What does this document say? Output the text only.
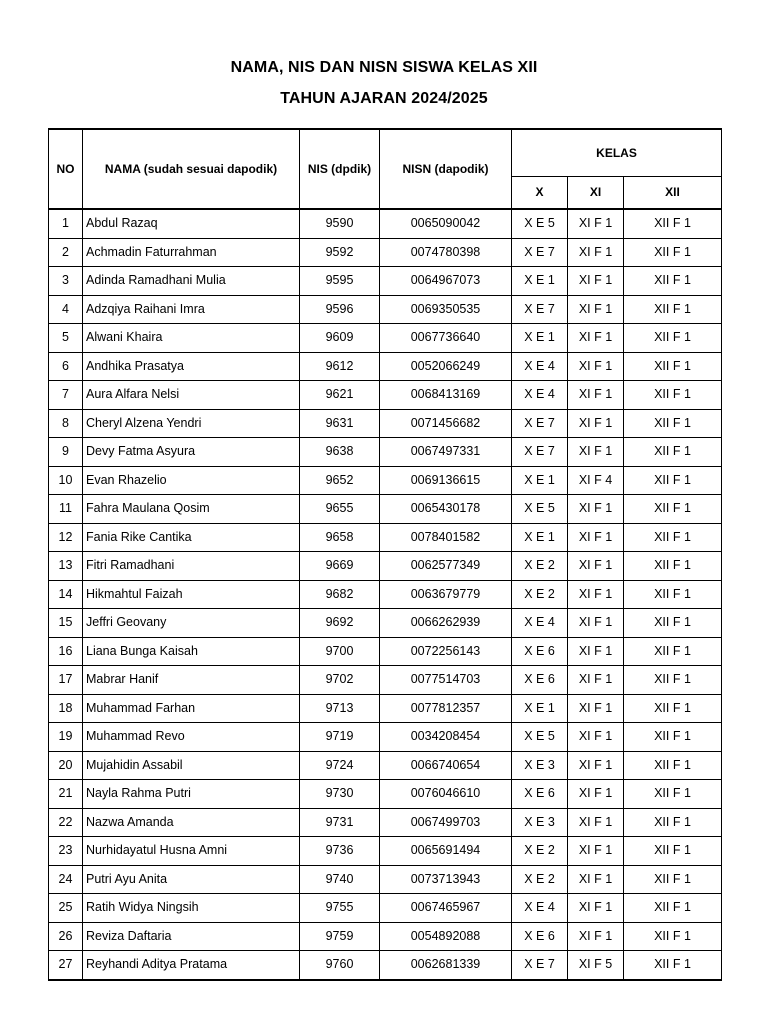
NAMA, NIS DAN NISN SISWA KELAS XII
TAHUN AJARAN 2024/2025
NO	NAMA (sudah sesuai dapodik)	NIS (dpdik)	NISN (dapodik)	KELAS		
				X	XI	XII
1	Abdul Razaq	9590	0065090042	X E 5	XI F 1	XII F 1
2	Achmadin Faturrahman	9592	0074780398	X E 7	XI F 1	XII F 1
3	Adinda Ramadhani Mulia	9595	0064967073	X E 1	XI F 1	XII F 1
4	Adzqiya Raihani Imra	9596	0069350535	X E 7	XI F 1	XII F 1
5	Alwani Khaira	9609	0067736640	X E 1	XI F 1	XII F 1
6	Andhika Prasatya	9612	0052066249	X E 4	XI F 1	XII F 1
7	Aura Alfara Nelsi	9621	0068413169	X E 4	XI F 1	XII F 1
8	Cheryl Alzena Yendri	9631	0071456682	X E 7	XI F 1	XII F 1
9	Devy Fatma Asyura	9638	0067497331	X E 7	XI F 1	XII F 1
10	Evan Rhazelio	9652	0069136615	X E 1	XI F 4	XII F 1
11	Fahra Maulana Qosim	9655	0065430178	X E 5	XI F 1	XII F 1
12	Fania Rike Cantika	9658	0078401582	X E 1	XI F 1	XII F 1
13	Fitri Ramadhani	9669	0062577349	X E 2	XI F 1	XII F 1
14	Hikmahtul Faizah	9682	0063679779	X E 2	XI F 1	XII F 1
15	Jeffri Geovany	9692	0066262939	X E 4	XI F 1	XII F 1
16	Liana Bunga Kaisah	9700	0072256143	X E 6	XI F 1	XII F 1
17	Mabrar Hanif	9702	0077514703	X E 6	XI F 1	XII F 1
18	Muhammad Farhan	9713	0077812357	X E 1	XI F 1	XII F 1
19	Muhammad Revo	9719	0034208454	X E 5	XI F 1	XII F 1
20	Mujahidin Assabil	9724	0066740654	X E 3	XI F 1	XII F 1
21	Nayla Rahma Putri	9730	0076046610	X E 6	XI F 1	XII F 1
22	Nazwa Amanda	9731	0067499703	X E 3	XI F 1	XII F 1
23	Nurhidayatul Husna Amni	9736	0065691494	X E 2	XI F 1	XII F 1
24	Putri Ayu Anita	9740	0073713943	X E 2	XI F 1	XII F 1
25	Ratih Widya Ningsih	9755	0067465967	X E 4	XI F 1	XII F 1
26	Reviza Daftaria	9759	0054892088	X E 6	XI F 1	XII F 1
27	Reyhandi Aditya Pratama	9760	0062681339	X E 7	XI F 5	XII F 1
